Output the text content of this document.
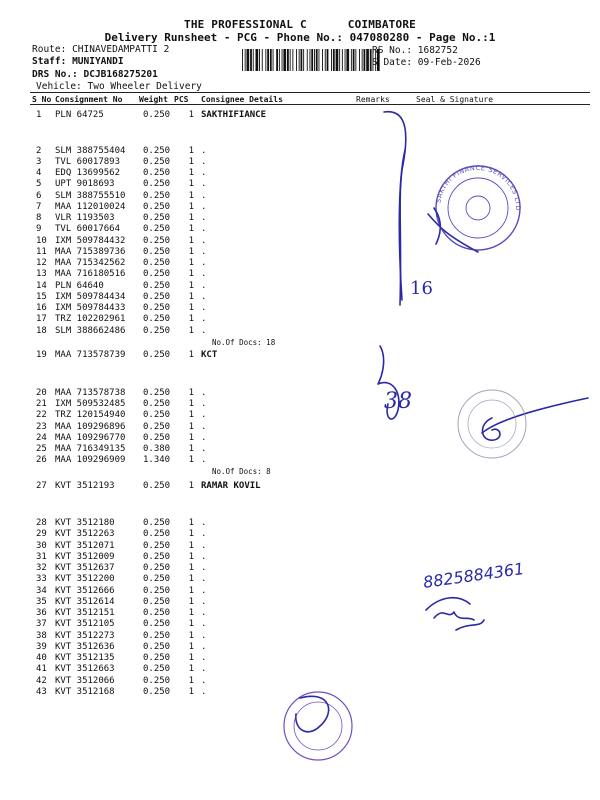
THE PROFESSIONAL C	COIMBATORE
Delivery Runsheet - PCG - Phone No.: 047080280 - Page No.:1
Route: CHINAVEDAMPATTI 2
Staff: MUNIYANDI
DRS No.: DCJB168275201
Vehicle: Two Wheeler Delivery
RS No.: 1682752
S Date: 09-Feb-2026
S No Consignment No Weight PCS Consignee Details	Remarks	Seal & Signature
1	PLN 64725	0.250	1 SAKTHIFIANCE
2	SLM 388755404 0.250	1 .
3	TVL 60017893	0.250	1 .
4	EDQ 13699562	0.250	1 .
5	UPT 9018693	0.250	1 .
6	SLM 388755510 0.250	1 .
7	MAA 112010024 0.250	1 .
8	VLR 1193503	0.250	1 .
9	TVL 60017664	0.250	1 .
10 IXM 509784432 0.250	1 .
11 MAA 715389736 0.250	1 .
12 MAA 715342562 0.250	1 .
13 MAA 716180516 0.250	1 .
14 PLN 64640	0.250	1 .
15 IXM 509784434 0.250	1 .
16 IXM 509784433 0.250	1 .
17 TRZ 102202961 0.250	1 .
18 SLM 388662486 0.250	1 .
19 MAA 713578739 0.250	1 KCT
20 MAA 713578738 0.250	1 .
21 IXM 509532485 0.250	1 .
22 TRZ 120154940 0.250	1 .
23 MAA 109296896 0.250	1 .
24 MAA 109296770 0.250	1 .
25 MAA 716349135 0.380	1 .
26 MAA 109296909 1.340	1 .
27 KVT 3512193	0.250	1 RAMAR KOVIL
28 KVT 3512180	0.250	1 .
29 KVT 3512263	0.250	1 .
30 KVT 3512071	0.250	1 .
31 KVT 3512009	0.250	1 .
32 KVT 3512637	0.250	1 .
33 KVT 3512200	0.250	1 .
34 KVT 3512666	0.250	1 .
35 KVT 3512614	0.250	1 .
36 KVT 3512151	0.250	1 .
37 KVT 3512105	0.250	1 .
38 KVT 3512273	0.250	1 .
39 KVT 3512636	0.250	1 .
40 KVT 3512135	0.250	1 .
41 KVT 3512663	0.250	1 .
42 KVT 3512066	0.250	1 .
43 KVT 3512168	0.250	1 .
No.Of Docs: 18
No.Of Docs: 8
16
38
8825884361
SAKTHI FINANCE SERVICES LTD
